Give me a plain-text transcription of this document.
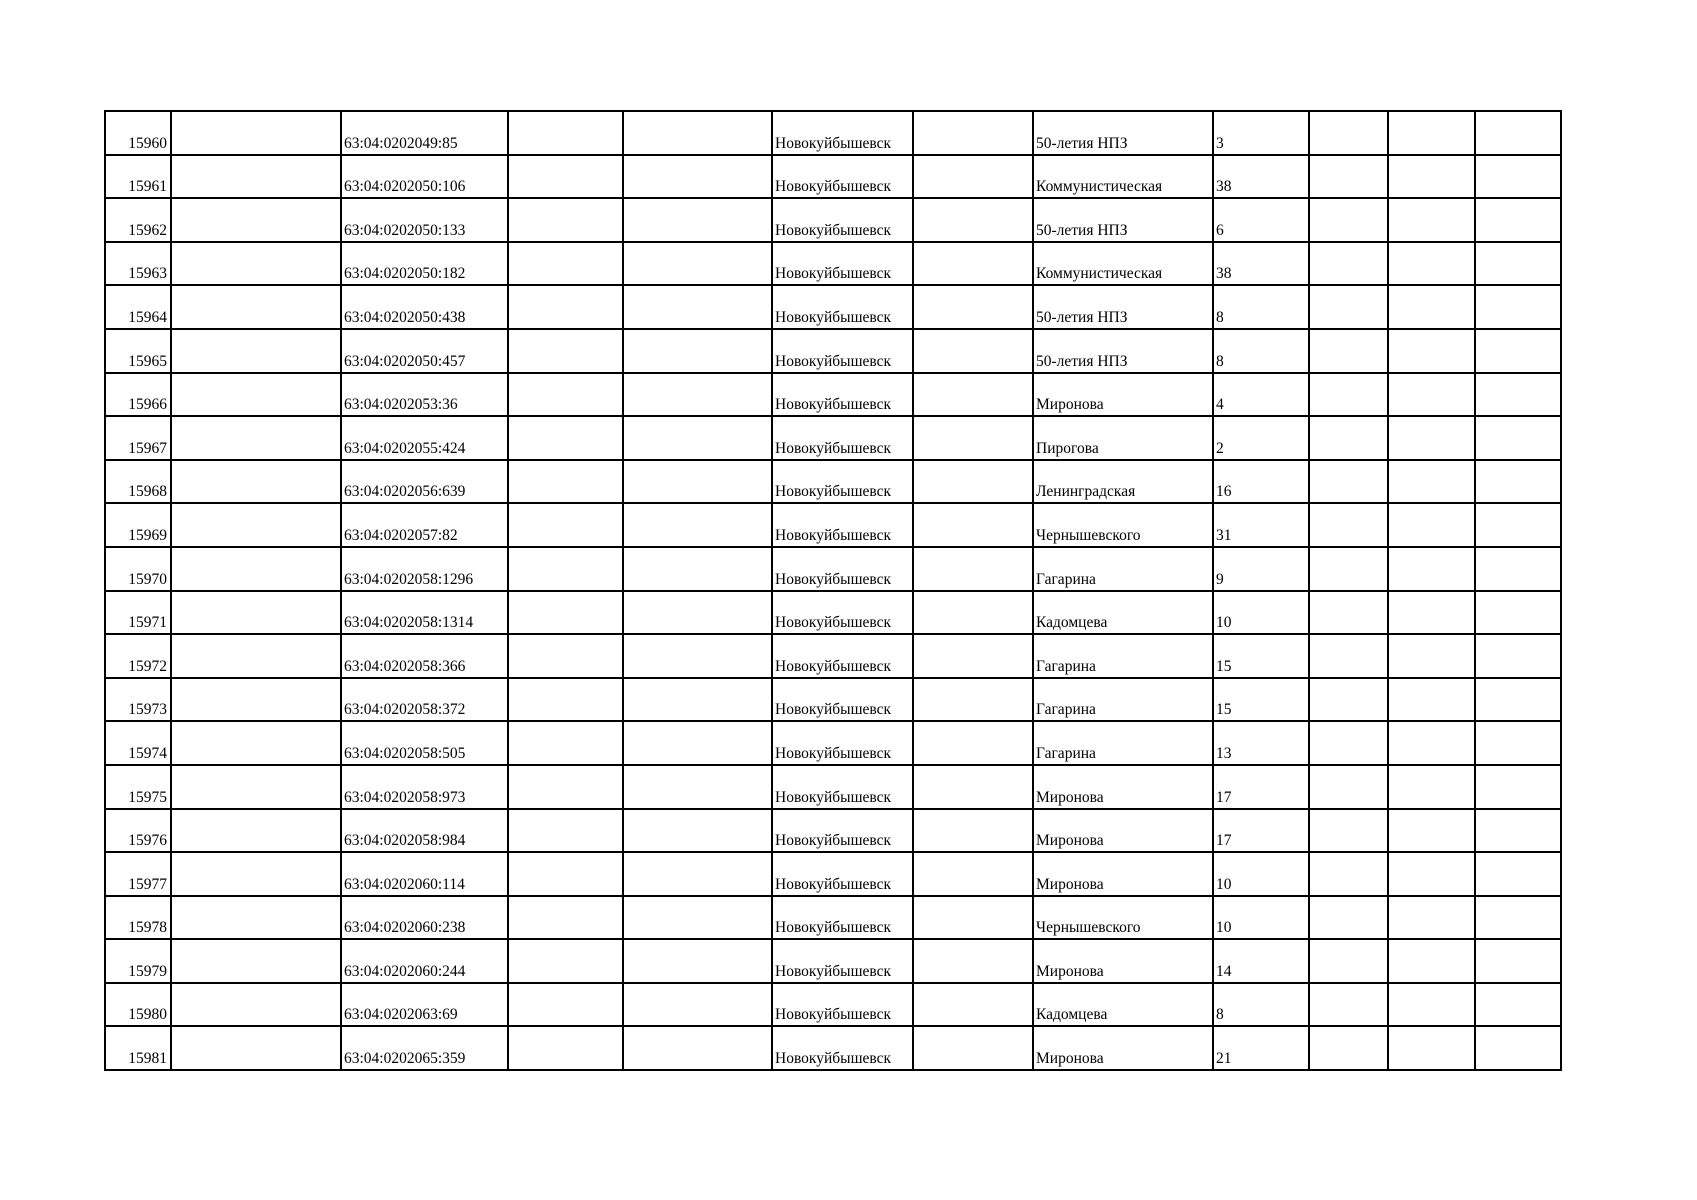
15960		63:04:0202049:85			Новокуйбышевск		50-летия НПЗ	3			
15961		63:04:0202050:106			Новокуйбышевск		Коммунистическая	38			
15962		63:04:0202050:133			Новокуйбышевск		50-летия НПЗ	6			
15963		63:04:0202050:182			Новокуйбышевск		Коммунистическая	38			
15964		63:04:0202050:438			Новокуйбышевск		50-летия НПЗ	8			
15965		63:04:0202050:457			Новокуйбышевск		50-летия НПЗ	8			
15966		63:04:0202053:36			Новокуйбышевск		Миронова	4			
15967		63:04:0202055:424			Новокуйбышевск		Пирогова	2			
15968		63:04:0202056:639			Новокуйбышевск		Ленинградская	16			
15969		63:04:0202057:82			Новокуйбышевск		Чернышевского	31			
15970		63:04:0202058:1296			Новокуйбышевск		Гагарина	9			
15971		63:04:0202058:1314			Новокуйбышевск		Кадомцева	10			
15972		63:04:0202058:366			Новокуйбышевск		Гагарина	15			
15973		63:04:0202058:372			Новокуйбышевск		Гагарина	15			
15974		63:04:0202058:505			Новокуйбышевск		Гагарина	13			
15975		63:04:0202058:973			Новокуйбышевск		Миронова	17			
15976		63:04:0202058:984			Новокуйбышевск		Миронова	17			
15977		63:04:0202060:114			Новокуйбышевск		Миронова	10			
15978		63:04:0202060:238			Новокуйбышевск		Чернышевского	10			
15979		63:04:0202060:244			Новокуйбышевск		Миронова	14			
15980		63:04:0202063:69			Новокуйбышевск		Кадомцева	8			
15981		63:04:0202065:359			Новокуйбышевск		Миронова	21			
